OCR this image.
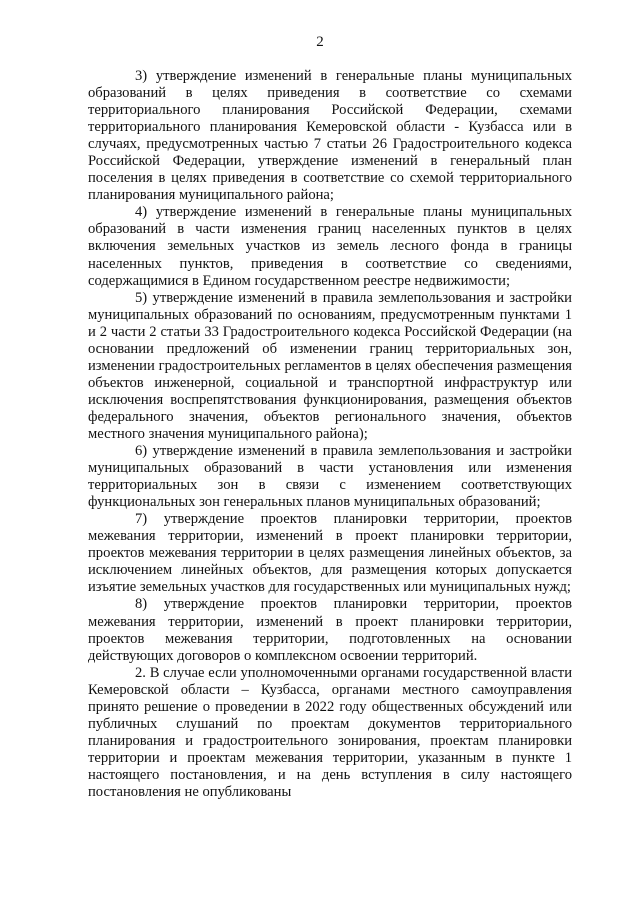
2

3) утверждение изменений в генеральные планы муниципальных образований в целях приведения в соответствие со схемами территориального планирования Российской Федерации, схемами территориального планирования Кемеровской области - Кузбасса или в случаях, предусмотренных частью 7 статьи 26 Градостроительного кодекса Российской Федерации, утверждение изменений в генеральный план поселения в целях приведения в соответствие со схемой территориального планирования муниципального района;

4) утверждение изменений в генеральные планы муниципальных образований в части изменения границ населенных пунктов в целях включения земельных участков из земель лесного фонда в границы населенных пунктов, приведения в соответствие со сведениями, содержащимися в Едином государственном реестре недвижимости;

5) утверждение изменений в правила землепользования и застройки муниципальных образований по основаниям, предусмотренным пунктами 1 и 2 части 2 статьи 33 Градостроительного кодекса Российской Федерации (на основании предложений об изменении границ территориальных зон, изменении градостроительных регламентов в целях обеспечения размещения объектов инженерной, социальной и транспортной инфраструктур или исключения воспрепятствования функционирования, размещения объектов федерального значения, объектов регионального значения, объектов местного значения муниципального района);

6) утверждение изменений в правила землепользования и застройки муниципальных образований в части установления или изменения территориальных зон в связи с изменением соответствующих функциональных зон генеральных планов муниципальных образований;

7) утверждение проектов планировки территории, проектов межевания территории, изменений в проект планировки территории, проектов межевания территории в целях размещения линейных объектов, за исключением линейных объектов, для размещения которых допускается изъятие земельных участков для государственных или муниципальных нужд;

8) утверждение проектов планировки территории, проектов межевания территории, изменений в проект планировки территории, проектов межевания территории, подготовленных на основании действующих договоров о комплексном освоении территорий.

2. В случае если уполномоченными органами государственной власти Кемеровской области – Кузбасса, органами местного самоуправления принято решение о проведении в 2022 году общественных обсуждений или публичных слушаний по проектам документов территориального планирования и градостроительного зонирования, проектам планировки территории и проектам межевания территории, указанным в пункте 1 настоящего постановления, и на день вступления в силу настоящего постановления не опубликованы
